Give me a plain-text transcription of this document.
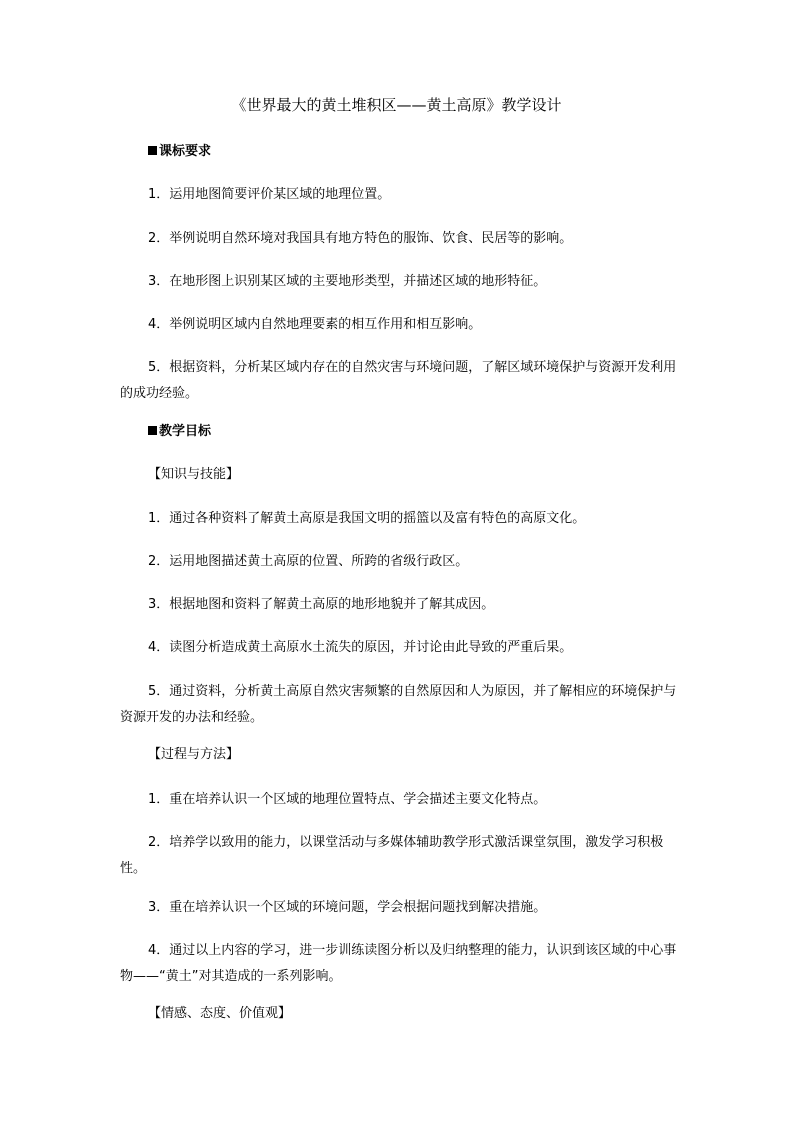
《世界最大的黄土堆积区——黄土高原》教学设计
课标要求
1．运用地图简要评价某区域的地理位置。
2．举例说明自然环境对我国具有地方特色的服饰、饮食、民居等的影响。
3．在地形图上识别某区域的主要地形类型，并描述区域的地形特征。
4．举例说明区域内自然地理要素的相互作用和相互影响。
5．根据资料，分析某区域内存在的自然灾害与环境问题，了解区域环境保护与资源开发利用的成功经验。
教学目标
【知识与技能】
1．通过各种资料了解黄土高原是我国文明的摇篮以及富有特色的高原文化。
2．运用地图描述黄土高原的位置、所跨的省级行政区。
3．根据地图和资料了解黄土高原的地形地貌并了解其成因。
4．读图分析造成黄土高原水土流失的原因，并讨论由此导致的严重后果。
5．通过资料，分析黄土高原自然灾害频繁的自然原因和人为原因，并了解相应的环境保护与资源开发的办法和经验。
【过程与方法】
1．重在培养认识一个区域的地理位置特点、学会描述主要文化特点。
2．培养学以致用的能力，以课堂活动与多媒体辅助教学形式激活课堂氛围，激发学习积极性。
3．重在培养认识一个区域的环境问题，学会根据问题找到解决措施。
4．通过以上内容的学习，进一步训练读图分析以及归纳整理的能力，认识到该区域的中心事物——“黄土”对其造成的一系列影响。
【情感、态度、价值观】
